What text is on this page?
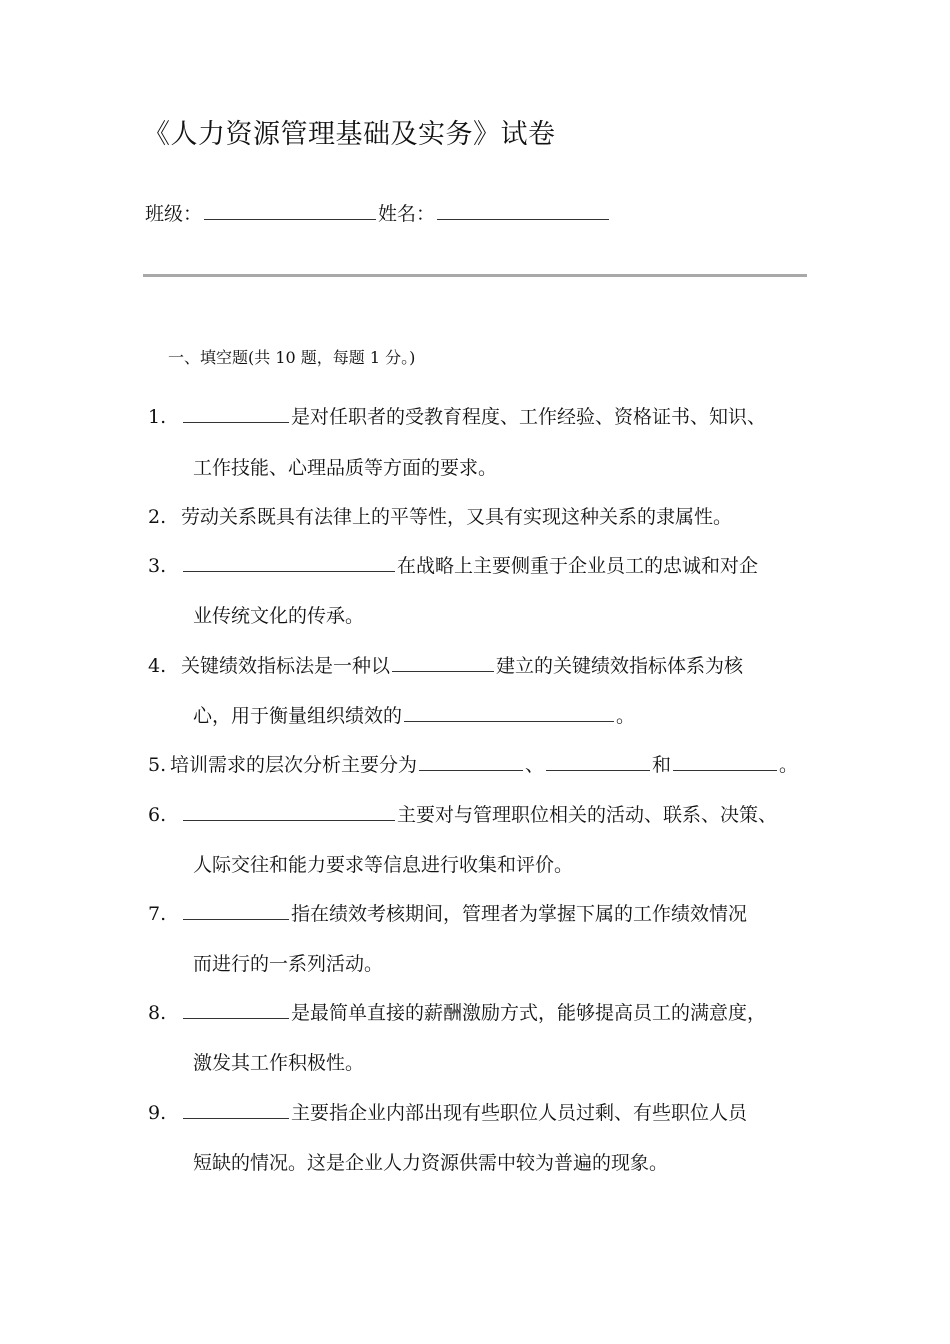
《人力资源管理基础及实务》试卷
班级：	姓名：
一、填空题(共 10 题，每题 1 分。)
1.	是对任职者的受教育程度、工作经验、资格证书、知识、
工作技能、心理品质等方面的要求。
2. 劳动关系既具有法律上的平等性，又具有实现这种关系的隶属性。
3.	在战略上主要侧重于企业员工的忠诚和对企
业传统文化的传承。
4. 关键绩效指标法是一种以	建立的关键绩效指标体系为核
心，用于衡量组织绩效的	。
5. 培训需求的层次分析主要分为	、	和	。
6.	主要对与管理职位相关的活动、联系、决策、
人际交往和能力要求等信息进行收集和评价。
7.	指在绩效考核期间，管理者为掌握下属的工作绩效情况
而进行的一系列活动。
8.	是最简单直接的薪酬激励方式，能够提高员工的满意度，
激发其工作积极性。
9.	主要指企业内部出现有些职位人员过剩、有些职位人员
短缺的情况。这是企业人力资源供需中较为普遍的现象。
